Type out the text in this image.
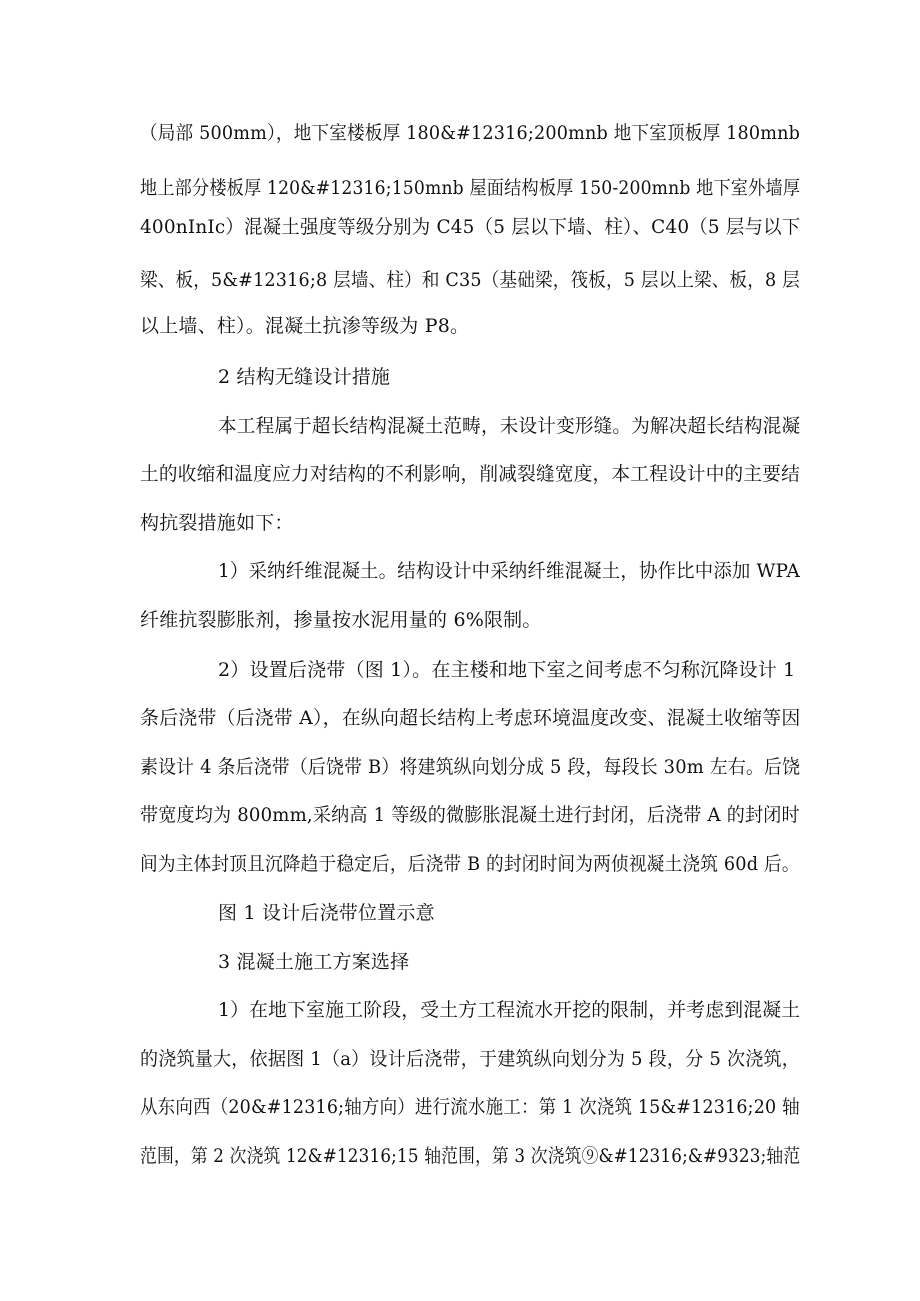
（局部 500mm），地下室楼板厚 180&#12316;200mnb 地下室顶板厚 180mnb
地上部分楼板厚 120&#12316;150mnb 屋面结构板厚 150-200mnb 地下室外墙厚
400nInIc）混凝土强度等级分别为 C45（5 层以下墙、柱）、C40（5 层与以下
梁、板，5&#12316;8 层墙、柱）和 C35（基础梁，筏板，5 层以上梁、板，8 层
以上墙、柱）。混凝土抗渗等级为 P8。
2 结构无缝设计措施
本工程属于超长结构混凝土范畴，未设计变形缝。为解决超长结构混凝
土的收缩和温度应力对结构的不利影响，削减裂缝宽度，本工程设计中的主要结
构抗裂措施如下：
1）采纳纤维混凝土。结构设计中采纳纤维混凝土，协作比中添加 WPA
纤维抗裂膨胀剂，掺量按水泥用量的 6%限制。
2）设置后浇带（图 1）。在主楼和地下室之间考虑不匀称沉降设计 1
条后浇带（后浇带 A），在纵向超长结构上考虑环境温度改变、混凝土收缩等因
素设计 4 条后浇带（后饶带 B）将建筑纵向划分成 5 段，每段长 30m 左右。后饶
带宽度均为 800mm,采纳高 1 等级的微膨胀混凝土进行封闭，后浇带 A 的封闭时
间为主体封顶且沉降趋于稳定后，后浇带 B 的封闭时间为两侦视凝土浇筑 60d 后。
图 1 设计后浇带位置示意
3 混凝土施工方案选择
1）在地下室施工阶段，受土方工程流水开挖的限制，并考虑到混凝土
的浇筑量大，依据图 1（a）设计后浇带，于建筑纵向划分为 5 段，分 5 次浇筑，
从东向西（20&#12316;轴方向）进行流水施工：第 1 次浇筑 15&#12316;20 轴
范围，第 2 次浇筑 12&#12316;15 轴范围，第 3 次浇筑⑨&#12316;&#9323;轴范
